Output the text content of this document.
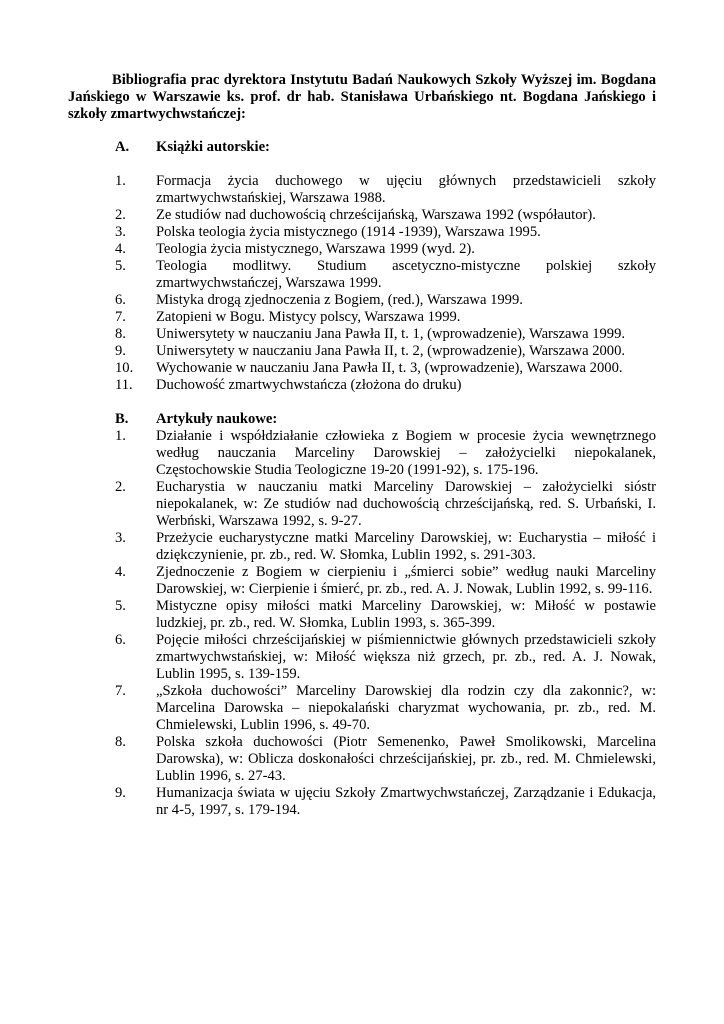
Bibliografia prac dyrektora Instytutu Badań Naukowych Szkoły Wyższej im. Bogdana Jańskiego w Warszawie ks. prof. dr hab. Stanisława Urbańskiego nt. Bogdana Jańskiego i szkoły zmartwychwstańczej:

A.	Książki autorskie:
1.	Formacja życia duchowego w ujęciu głównych przedstawicieli szkoły zmartwychwstańskiej, Warszawa 1988.
2.	Ze studiów nad duchowością chrześcijańską, Warszawa 1992 (współautor).
3.	Polska teologia życia mistycznego (1914 -1939), Warszawa 1995.
4.	Teologia życia mistycznego, Warszawa 1999 (wyd. 2).
5.	Teologia modlitwy. Studium ascetyczno-mistyczne polskiej szkoły zmartwychwstańczej, Warszawa 1999.
6.	Mistyka drogą zjednoczenia z Bogiem, (red.), Warszawa 1999.
7.	Zatopieni w Bogu. Mistycy polscy, Warszawa 1999.
8.	Uniwersytety w nauczaniu Jana Pawła II, t. 1, (wprowadzenie), Warszawa 1999.
9.	Uniwersytety w nauczaniu Jana Pawła II, t. 2, (wprowadzenie), Warszawa 2000.
10.	Wychowanie w nauczaniu Jana Pawła II, t. 3, (wprowadzenie), Warszawa 2000.
11.	Duchowość zmartwychwstańcza (złożona do druku)
B.	Artykuły naukowe:
1.	Działanie i współdziałanie człowieka z Bogiem w procesie życia wewnętrznego według nauczania Marceliny Darowskiej – założycielki niepokalanek, Częstochowskie Studia Teologiczne 19-20 (1991-92), s. 175-196.
2.	Eucharystia w nauczaniu matki Marceliny Darowskiej – założycielki sióstr niepokalanek, w: Ze studiów nad duchowością chrześcijańską, red. S. Urbański, I. Werbński, Warszawa 1992, s. 9-27.
3.	Przeżycie eucharystyczne matki Marceliny Darowskiej, w: Eucharystia – miłość i dziękczynienie, pr. zb., red. W. Słomka, Lublin 1992, s. 291-303.
4.	Zjednoczenie z Bogiem w cierpieniu i „śmierci sobie” według nauki Marceliny Darowskiej, w: Cierpienie i śmierć, pr. zb., red. A. J. Nowak, Lublin 1992, s. 99-116.
5.	Mistyczne opisy miłości matki Marceliny Darowskiej, w: Miłość w postawie ludzkiej, pr. zb., red. W. Słomka, Lublin 1993, s. 365-399.
6.	Pojęcie miłości chrześcijańskiej w piśmiennictwie głównych przedstawicieli szkoły zmartwychwstańskiej, w: Miłość większa niż grzech, pr. zb., red. A. J. Nowak, Lublin 1995, s. 139-159.
7.	„Szkoła duchowości” Marceliny Darowskiej dla rodzin czy dla zakonnic?, w: Marcelina Darowska – niepokalański charyzmat wychowania, pr. zb., red. M. Chmielewski, Lublin 1996, s. 49-70.
8.	Polska szkoła duchowości (Piotr Semenenko, Paweł Smolikowski, Marcelina Darowska), w: Oblicza doskonałości chrześcijańskiej, pr. zb., red. M. Chmielewski, Lublin 1996, s. 27-43.
9.	Humanizacja świata w ujęciu Szkoły Zmartwychwstańczej, Zarządzanie i Edukacja, nr 4-5, 1997, s. 179-194.
